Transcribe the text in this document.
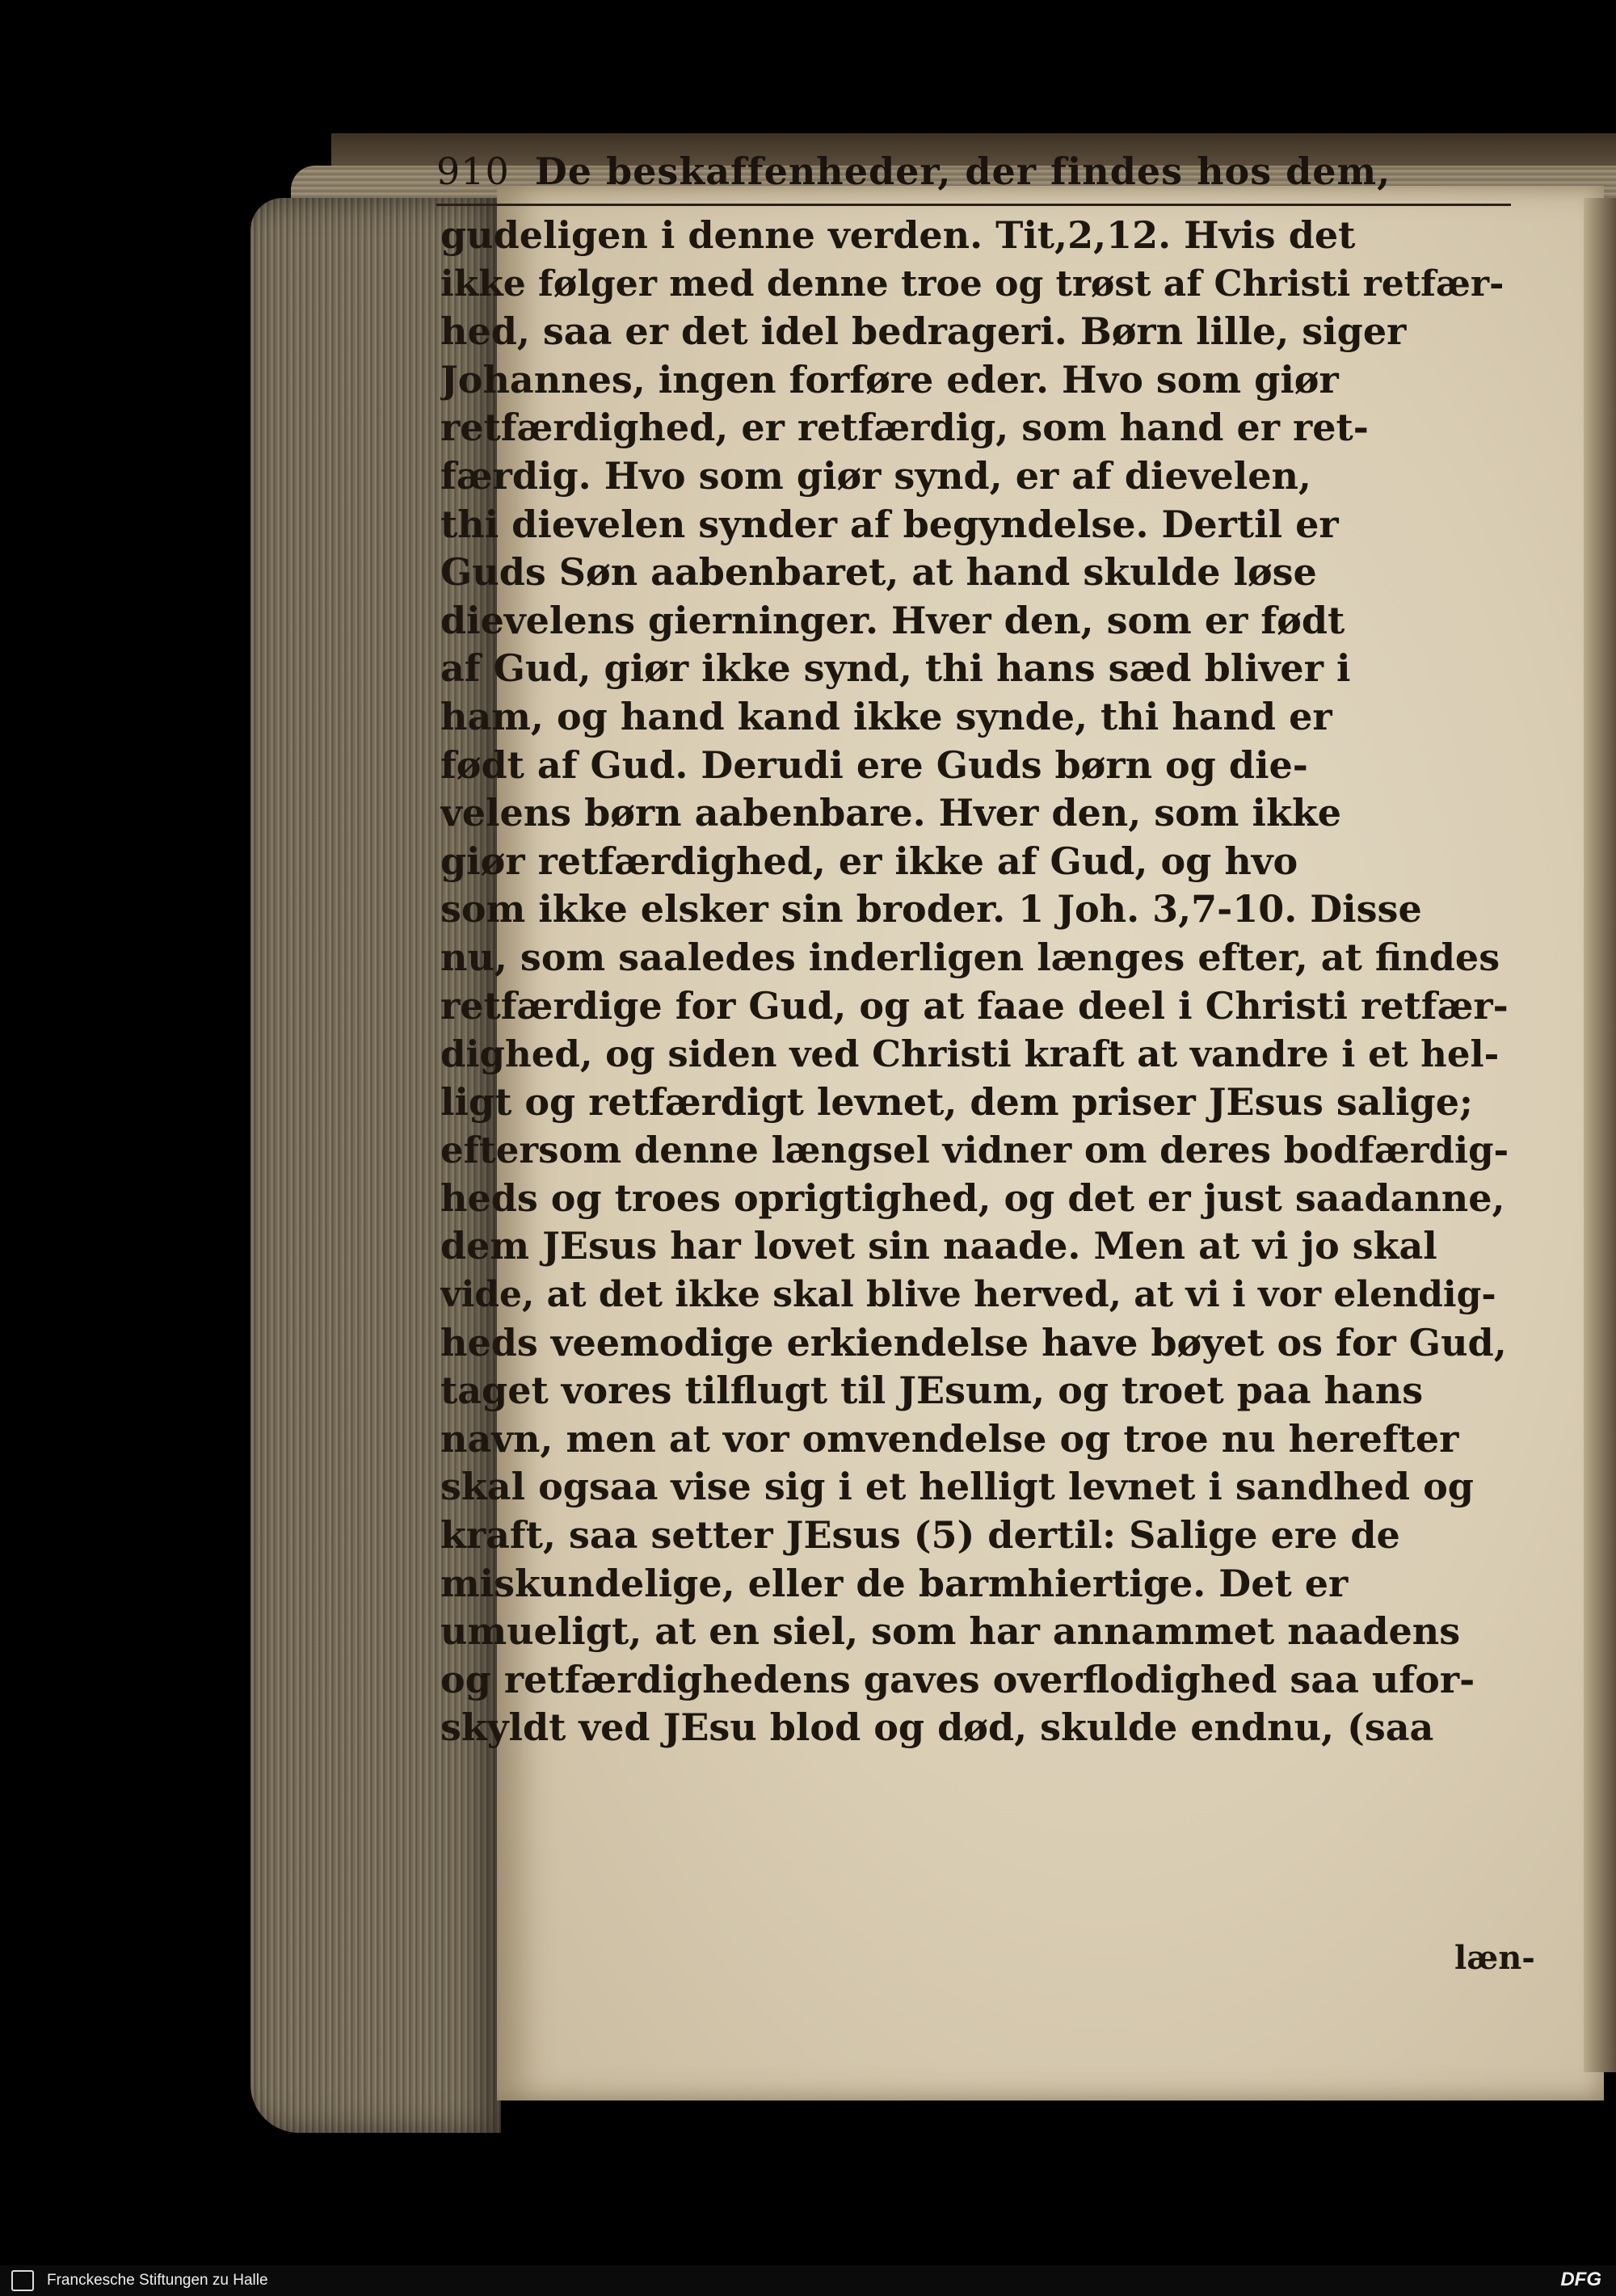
910 De beskaffenheder, der findes hos dem,
gudeligen i denne verden. Tit,2,12. Hvis det
ikke følger med denne troe og trøst af Christi retfær-
hed, saa er det idel bedrageri. Børn lille, siger
Johannes, ingen forføre eder. Hvo som giør
retfærdighed, er retfærdig, som hand er ret-
færdig. Hvo som giør synd, er af dievelen,
thi dievelen synder af begyndelse. Dertil er
Guds Søn aabenbaret, at hand skulde løse
dievelens gierninger. Hver den, som er født
af Gud, giør ikke synd, thi hans sæd bliver i
ham, og hand kand ikke synde, thi hand er
født af Gud. Derudi ere Guds børn og die-
velens børn aabenbare. Hver den, som ikke
giør retfærdighed, er ikke af Gud, og hvo
som ikke elsker sin broder. 1 Joh. 3,7-10. Disse
nu, som saaledes inderligen længes efter, at findes
retfærdige for Gud, og at faae deel i Christi retfær-
dighed, og siden ved Christi kraft at vandre i et hel-
ligt og retfærdigt levnet, dem priser JEsus salige;
eftersom denne længsel vidner om deres bodfærdig-
heds og troes oprigtighed, og det er just saadanne,
dem JEsus har lovet sin naade. Men at vi jo skal
vide, at det ikke skal blive herved, at vi i vor elendig-
heds veemodige erkiendelse have bøyet os for Gud,
taget vores tilflugt til JEsum, og troet paa hans
navn, men at vor omvendelse og troe nu herefter
skal ogsaa vise sig i et helligt levnet i sandhed og
kraft, saa setter JEsus (5) dertil: Salige ere de
miskundelige, eller de barmhiertige. Det er
umueligt, at en siel, som har annammet naadens
og retfærdighedens gaves overflodighed saa ufor-
skyldt ved JEsu blod og død, skulde endnu, (saa
læn-
Franckesche Stiftungen zu Halle	DFG
